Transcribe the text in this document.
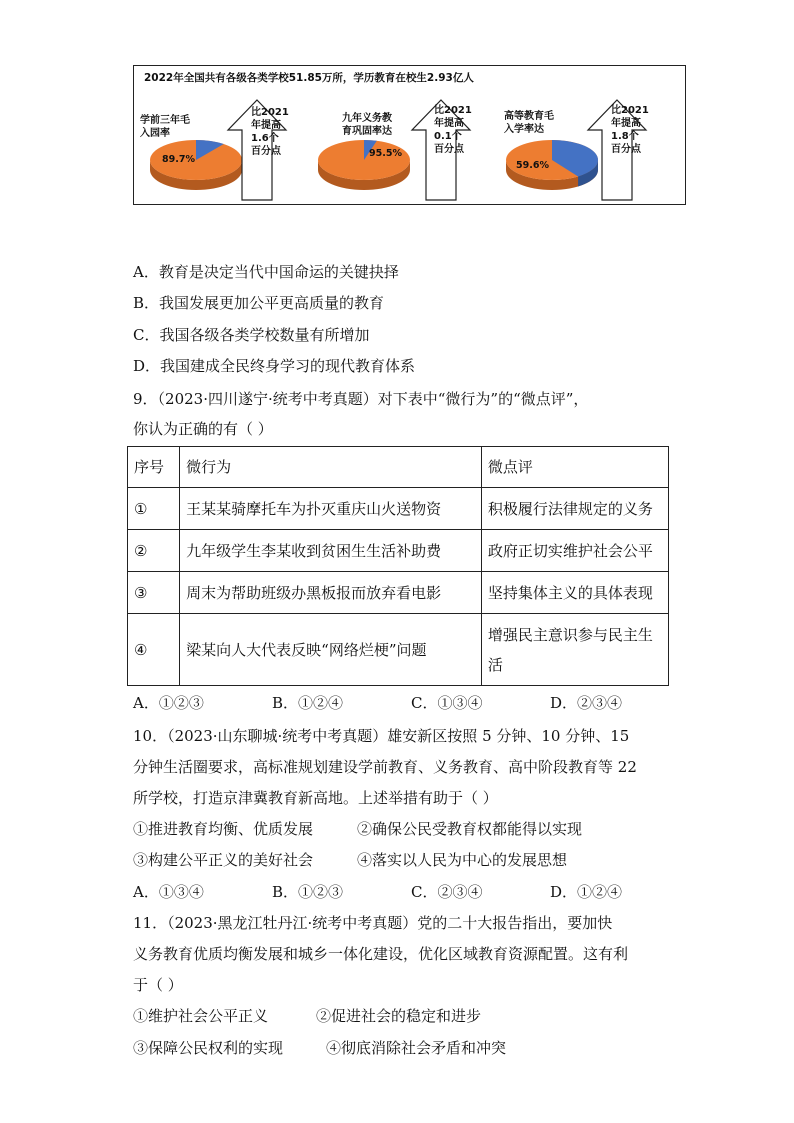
2022年全国共有各级各类学校51.85万所，学历教育在校生2.93亿人
学前三年毛
入园率
89.7%
比2021
年提高
1.6个
百分点
九年义务教
育巩固率达
95.5%
比2021
年提高
0.1个
百分点
高等教育毛
入学率达
59.6%
比2021
年提高
1.8个
百分点
A．教育是决定当代中国命运的关键抉择
B．我国发展更加公平更高质量的教育
C．我国各级各类学校数量有所增加
D．我国建成全民终身学习的现代教育体系
9．（2023·四川遂宁·统考中考真题）对下表中“微行为”的“微点评”，
你认为正确的有（ ）
序号	微行为	微点评
①	王某某骑摩托车为扑灭重庆山火送物资	积极履行法律规定的义务
②	九年级学生李某收到贫困生生活补助费	政府正切实维护社会公平
③	周末为帮助班级办黑板报而放弃看电影	坚持集体主义的具体表现
④	梁某向人大代表反映“网络烂梗”问题	增强民主意识参与民主生活
A．①②③	B．①②④	C．①③④	D．②③④
10．（2023·山东聊城·统考中考真题）雄安新区按照 5 分钟、10 分钟、15
分钟生活圈要求，高标准规划建设学前教育、义务教育、高中阶段教育等 22
所学校，打造京津冀教育新高地。上述举措有助于（ ）
①推进教育均衡、优质发展	②确保公民受教育权都能得以实现
③构建公平正义的美好社会	④落实以人民为中心的发展思想
A．①③④	B．①②③	C．②③④	D．①②④
11．（2023·黑龙江牡丹江·统考中考真题）党的二十大报告指出，要加快
义务教育优质均衡发展和城乡一体化建设，优化区域教育资源配置。这有利
于（ ）
①维护社会公平正义	②促进社会的稳定和进步
③保障公民权利的实现	④彻底消除社会矛盾和冲突
